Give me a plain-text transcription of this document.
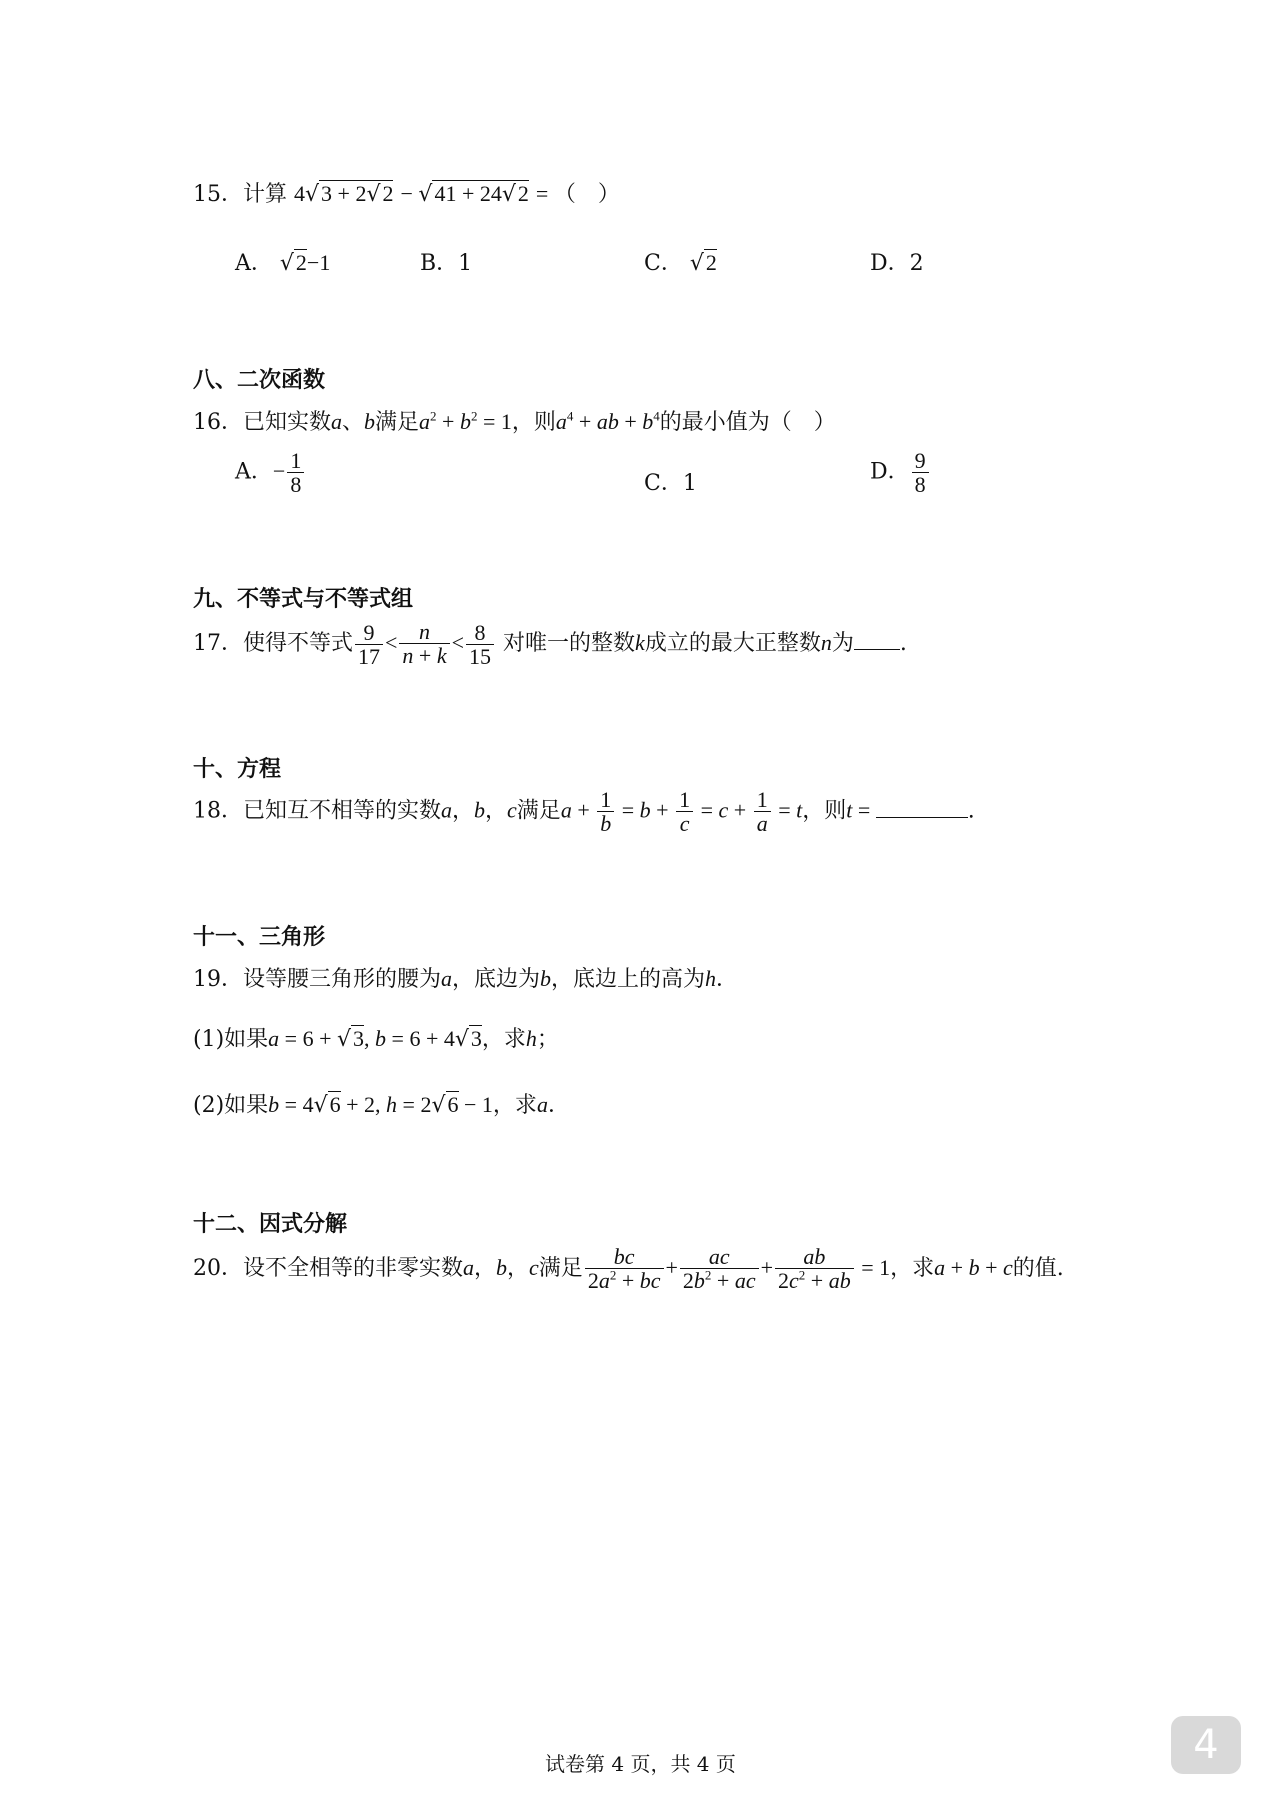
15．计算 4√3 + 2√2 − √41 + 24√2 = （　）
A． √2−1	B．1	C． √2	D．2
八、二次函数
16．已知实数a、b满足$a^2 + b^2 = 1$，则$a^4$ + ab + $b^4$的最小值为（　）
A．− $\frac{1}{8}$	C．1	D． $\frac{9}{8}$
九、不等式与不等式组
17．使得不等式 $\frac{9}{17} < \frac{n}{n + k} < \frac{8}{15}$ 对唯一的整数k成立的最大正整数n为 .
十、方程
18．已知互不相等的实数a，b，c满足$a + \frac{1}{b} = b + \frac{1}{c} = c + \frac{1}{a} = t$，则t =	.
十一、三角形
19．设等腰三角形的腰为a，底边为b，底边上的高为h．
(1)如果a = 6 + √3, b = 6 + 4√3，求h；
(2)如果b = 4√6 + 2, h = 2√6 − 1，求a．
十二、因式分解
20．设不全相等的非零实数a，b，c满足 $\frac{bc}{2a^2 + bc} + \frac{ac}{2b^2 + ac} + \frac{ab}{2c^2 + ab} = 1$，求a + b + c的值.
试卷第 4 页，共 4 页	4
